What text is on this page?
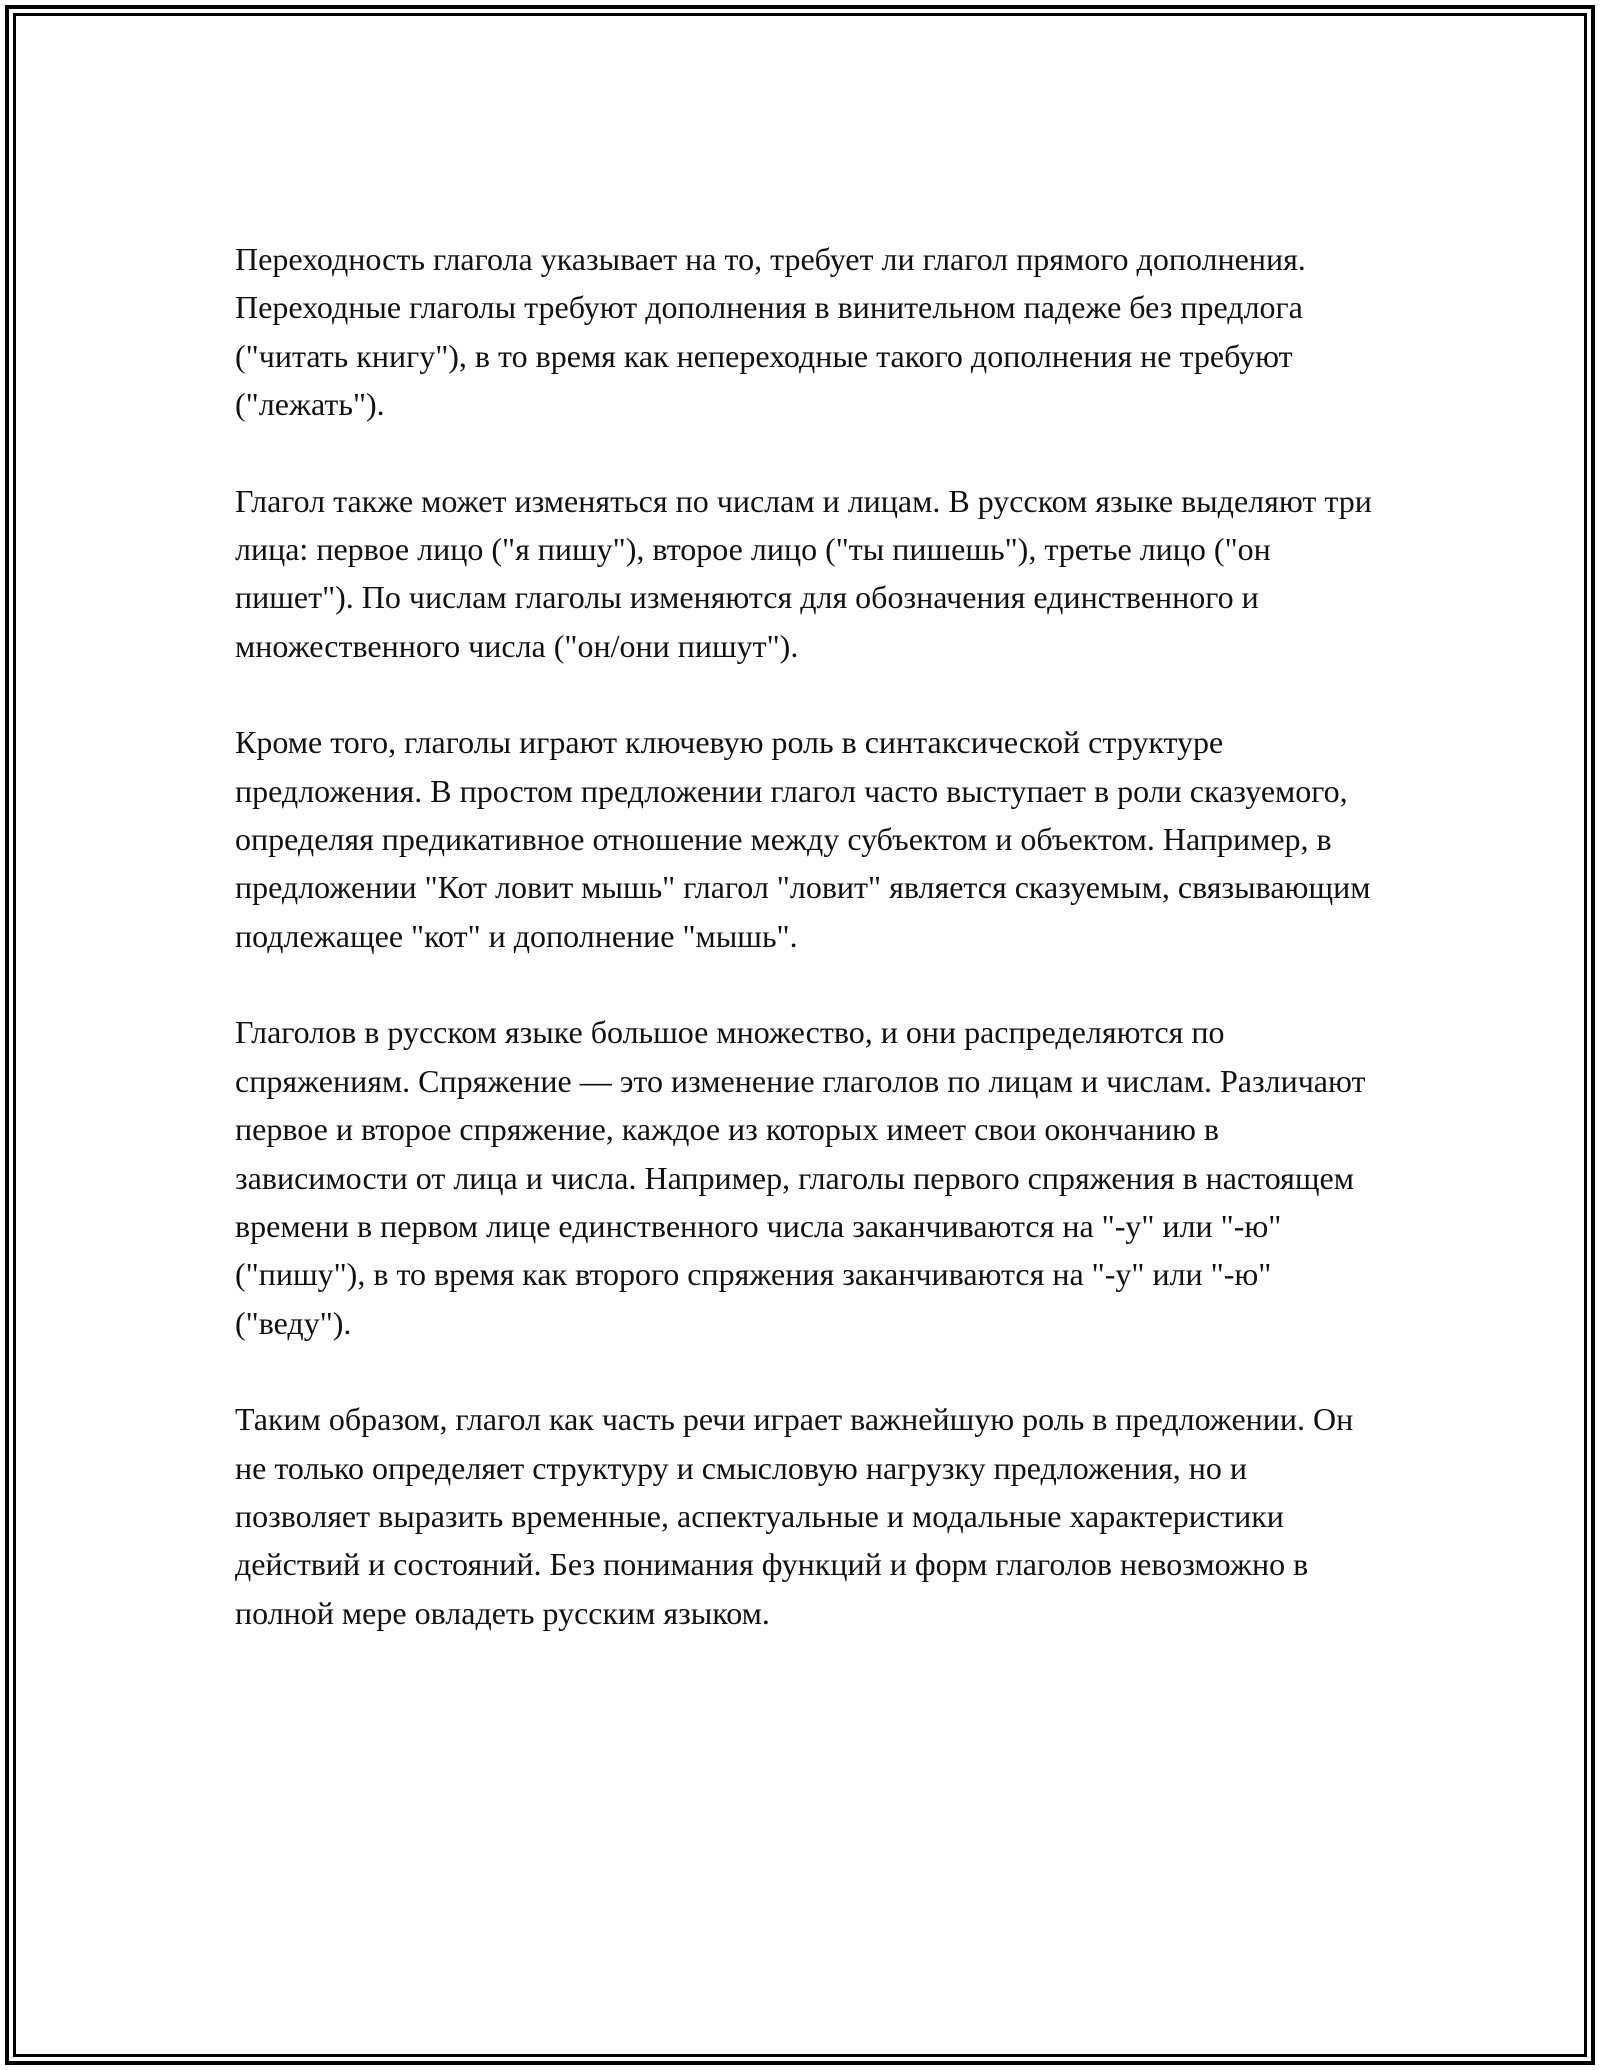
Переходность глагола указывает на то, требует ли глагол прямого дополнения. Переходные глаголы требуют дополнения в винительном падеже без предлога ("читать книгу"), в то время как непереходные такого дополнения не требуют ("лежать").

Глагол также может изменяться по числам и лицам. В русском языке выделяют три лица: первое лицо ("я пишу"), второе лицо ("ты пишешь"), третье лицо ("он пишет"). По числам глаголы изменяются для обозначения единственного и множественного числа ("он/они пишут").

Кроме того, глаголы играют ключевую роль в синтаксической структуре предложения. В простом предложении глагол часто выступает в роли сказуемого, определяя предикативное отношение между субъектом и объектом. Например, в предложении "Кот ловит мышь" глагол "ловит" является сказуемым, связывающим подлежащее "кот" и дополнение "мышь".

Глаголов в русском языке большое множество, и они распределяются по спряжениям. Спряжение — это изменение глаголов по лицам и числам. Различают первое и второе спряжение, каждое из которых имеет свои окончанию в зависимости от лица и числа. Например, глаголы первого спряжения в настоящем времени в первом лице единственного числа заканчиваются на "-у" или "-ю" ("пишу"), в то время как второго спряжения заканчиваются на "-у" или "-ю" ("веду").

Таким образом, глагол как часть речи играет важнейшую роль в предложении. Он не только определяет структуру и смысловую нагрузку предложения, но и позволяет выразить временные, аспектуальные и модальные характеристики действий и состояний. Без понимания функций и форм глаголов невозможно в полной мере овладеть русским языком.
